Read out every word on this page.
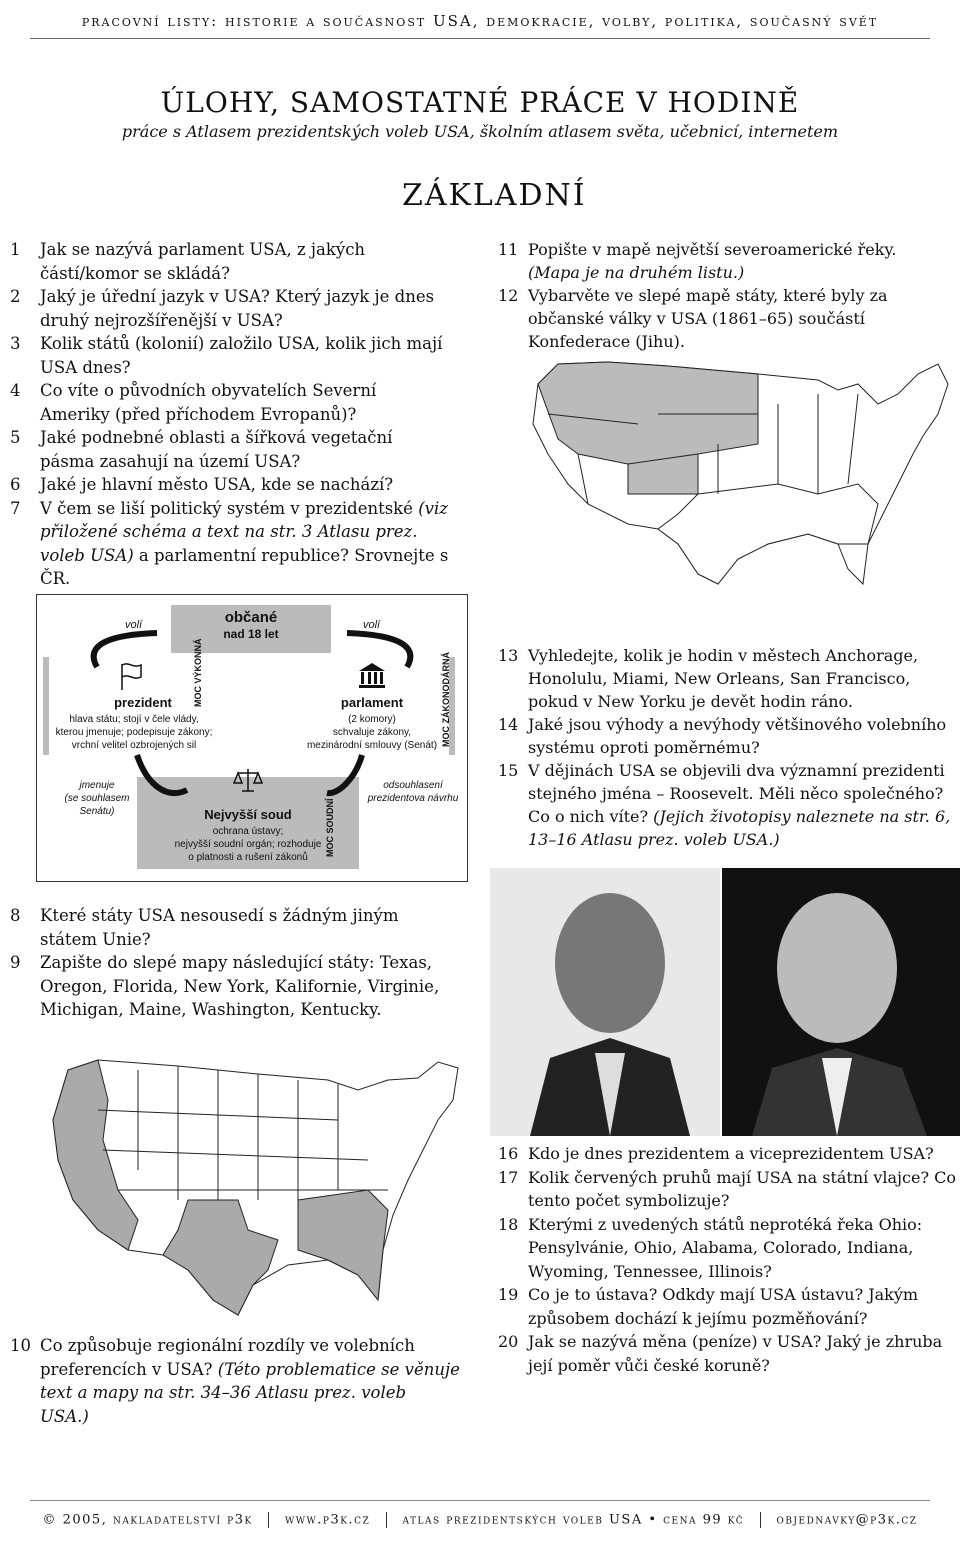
pracovní listy: historie a současnost USA, demokracie, volby, politika, současný svět
ÚLOHY, SAMOSTATNÉ PRÁCE V HODINĚ
práce s Atlasem prezidentských voleb USA, školním atlasem světa, učebnicí, internetem
ZÁKLADNÍ
1 Jak se nazývá parlament USA, z jakých částí/komor se skládá?
2 Jaký je úřední jazyk v USA? Který jazyk je dnes druhý nejrozšířenější v USA?
3 Kolik států (kolonií) založilo USA, kolik jich mají USA dnes?
4 Co víte o původních obyvatelích Severní Ameriky (před příchodem Evropanů)?
5 Jaké podnebné oblasti a šířková vegetační pásma zasahují na území USA?
6 Jaké je hlavní město USA, kde se nachází?
7 V čem se liší politický systém v prezidentské (viz přiložené schéma a text na str. 3 Atlasu prez. voleb USA) a parlamentní republice? Srovnejte s ČR.
11 Popište v mapě největší severoamerické řeky.
(Mapa je na druhém listu.)
12 Vybarvěte ve slepé mapě státy, které byly za občanské války v USA (1861–65) součástí Konfederace (Jihu).
volí	volí
občané
nad 18 let
prezident
hlava státu; stojí v čele vlády,
kterou jmenuje; podepisuje zákony;
vrchní velitel ozbrojených sil
MOC VÝKONNÁ	parlament
(2 komory)
schvaluje zákony,
mezinárodní smlouvy (Senát) MOC ZÁKONODÁRNÁ
jmenuje
(se souhlasem Senátu)
odsouhlasení
prezidentova návrhu
Nejvyšší soud
ochrana ústavy;
nejvyšší soudní orgán; rozhoduje
o platnosti a rušení zákonů
MOC SOUDNÍ
13 Vyhledejte, kolik je hodin v městech Anchorage, Honolulu, Miami, New Orleans, San Francisco, pokud v New Yorku je devět hodin ráno.
14 Jaké jsou výhody a nevýhody většinového volebního systému oproti poměrnému?
15 V dějinách USA se objevili dva významní prezidenti stejného jména – Roosevelt. Měli něco společného? Co o nich víte? (Jejich životopisy naleznete na str. 6, 13–16 Atlasu prez. voleb USA.)
8 Které státy USA nesousedí s žádným jiným státem Unie?
9 Zapište do slepé mapy následující státy: Texas, Oregon, Florida, New York, Kalifornie, Virginie, Michigan, Maine, Washington, Kentucky.
16 Kdo je dnes prezidentem a viceprezidentem USA?
17 Kolik červených pruhů mají USA na státní vlajce? Co tento počet symbolizuje?
18 Kterými z uvedených států neprotéká řeka Ohio: Pensylvánie, Ohio, Alabama, Colorado, Indiana, Wyoming, Tennessee, Illinois?
19 Co je to ústava? Odkdy mají USA ústavu? Jakým způsobem dochází k jejímu pozměňování?
20 Jak se nazývá měna (peníze) v USA? Jaký je zhruba její poměr vůči české koruně?
10 Co způsobuje regionální rozdíly ve volebních preferencích v USA? (Této problematice se věnuje text a mapy na str. 34–36 Atlasu prez. voleb USA.)
© 2005, nakladatelství p3k www.p3k.cz atlas prezidentských voleb USA • cena 99 kč objednavky@p3k.cz
